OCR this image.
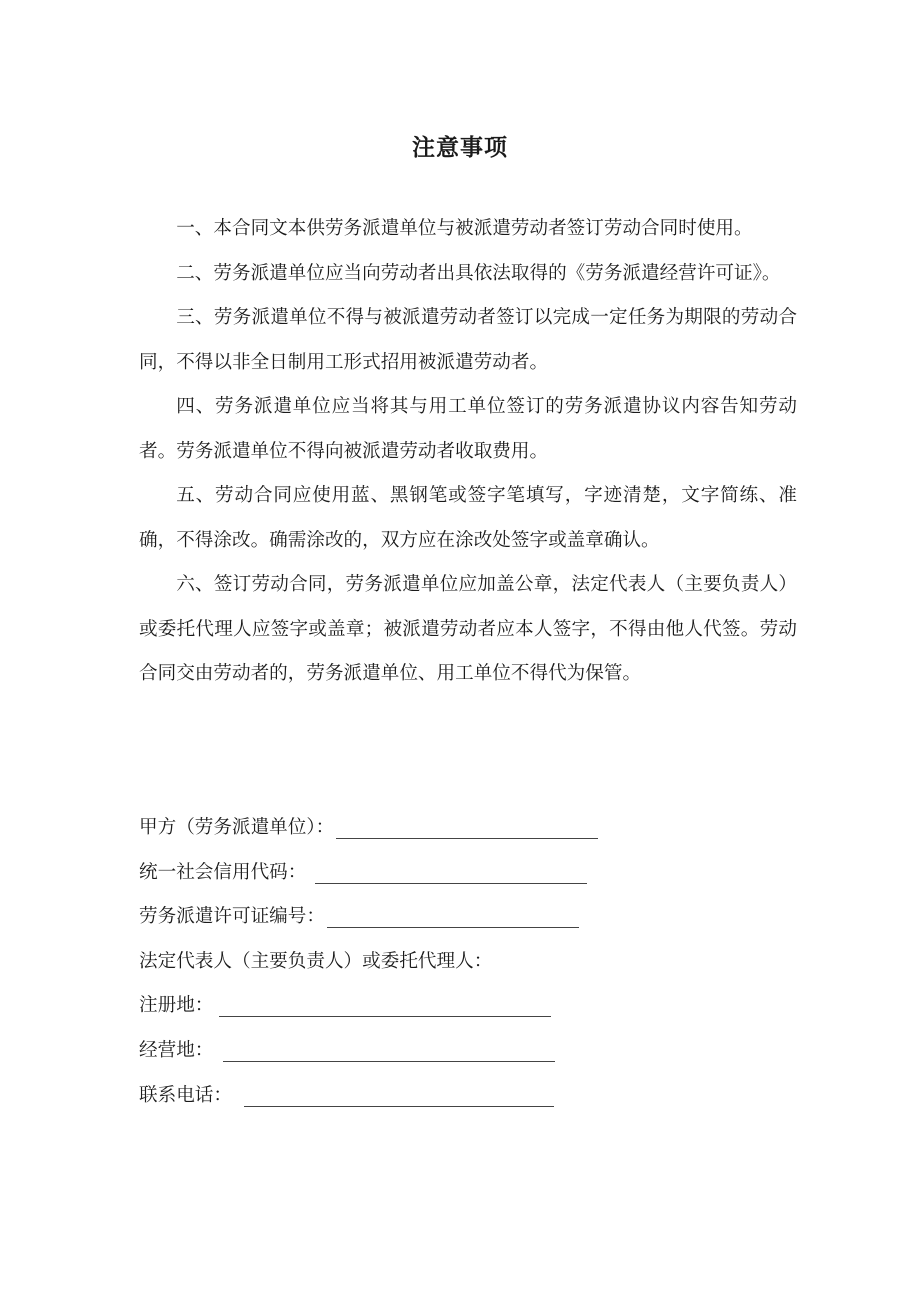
注意事项

一、本合同文本供劳务派遣单位与被派遣劳动者签订劳动合同时使用。

二、劳务派遣单位应当向劳动者出具依法取得的《劳务派遣经营许可证》。

三、劳务派遣单位不得与被派遣劳动者签订以完成一定任务为期限的劳动合同，不得以非全日制用工形式招用被派遣劳动者。

四、劳务派遣单位应当将其与用工单位签订的劳务派遣协议内容告知劳动者。劳务派遣单位不得向被派遣劳动者收取费用。

五、劳动合同应使用蓝、黑钢笔或签字笔填写，字迹清楚，文字简练、准确，不得涂改。确需涂改的，双方应在涂改处签字或盖章确认。

六、签订劳动合同，劳务派遣单位应加盖公章，法定代表人（主要负责人）或委托代理人应签字或盖章；被派遣劳动者应本人签字，不得由他人代签。劳动合同交由劳动者的，劳务派遣单位、用工单位不得代为保管。

甲方（劳务派遣单位）：
统一社会信用代码：
劳务派遣许可证编号：
法定代表人（主要负责人）或委托代理人：
注册地：
经营地：
联系电话：
